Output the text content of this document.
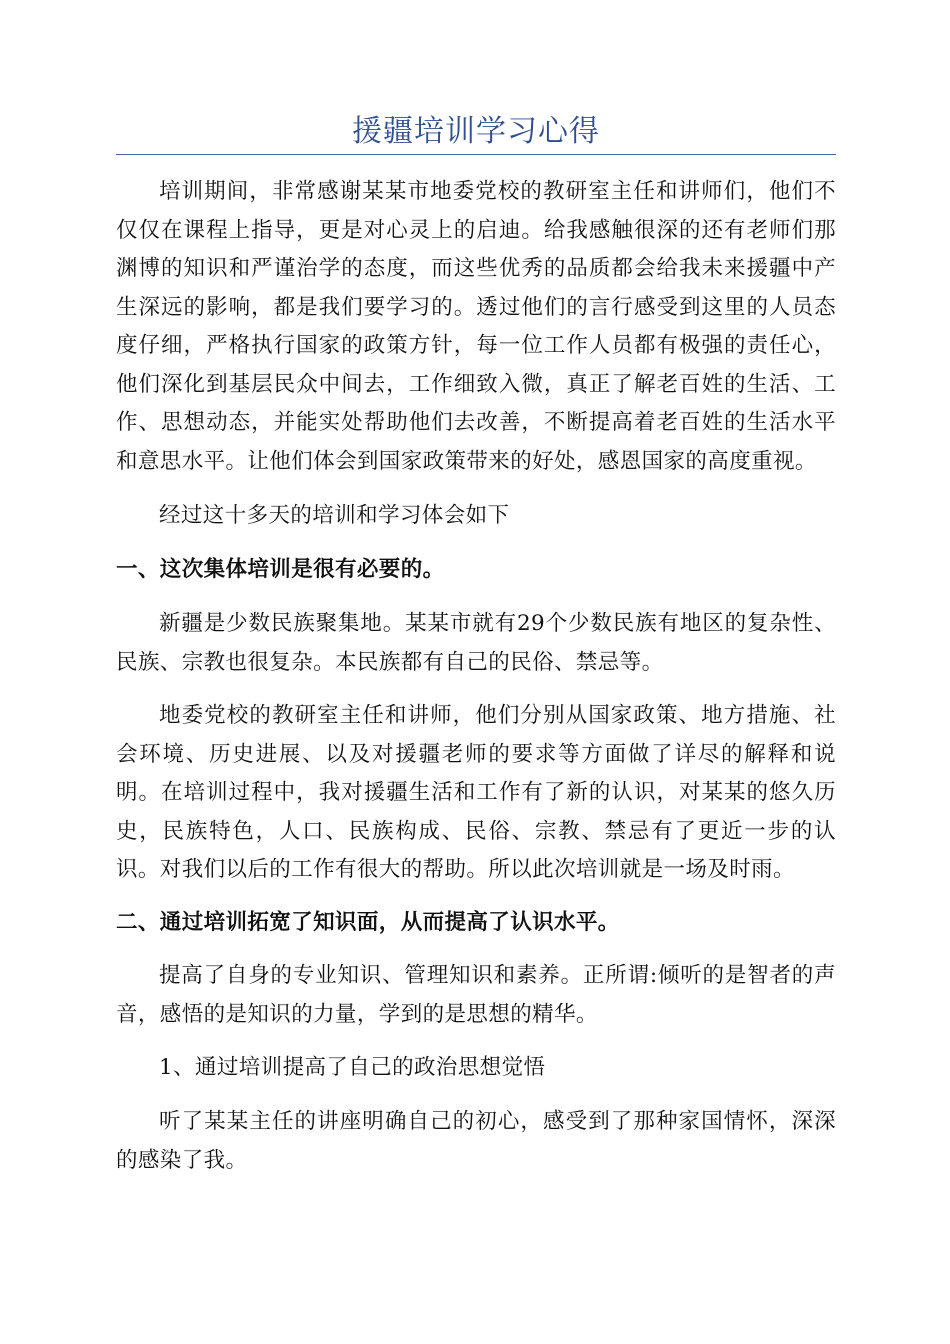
援疆培训学习心得

培训期间，非常感谢某某市地委党校的教研室主任和讲师们，他们不仅仅在课程上指导，更是对心灵上的启迪。给我感触很深的还有老师们那渊博的知识和严谨治学的态度，而这些优秀的品质都会给我未来援疆中产生深远的影响，都是我们要学习的。透过他们的言行感受到这里的人员态度仔细，严格执行国家的政策方针，每一位工作人员都有极强的责任心，他们深化到基层民众中间去，工作细致入微，真正了解老百姓的生活、工作、思想动态，并能实处帮助他们去改善，不断提高着老百姓的生活水平和意思水平。让他们体会到国家政策带来的好处，感恩国家的高度重视。

经过这十多天的培训和学习体会如下

一、这次集体培训是很有必要的。

新疆是少数民族聚集地。某某市就有29个少数民族有地区的复杂性、民族、宗教也很复杂。本民族都有自己的民俗、禁忌等。

地委党校的教研室主任和讲师，他们分别从国家政策、地方措施、社会环境、历史进展、以及对援疆老师的要求等方面做了详尽的解释和说明。在培训过程中，我对援疆生活和工作有了新的认识，对某某的悠久历史，民族特色，人口、民族构成、民俗、宗教、禁忌有了更近一步的认识。对我们以后的工作有很大的帮助。所以此次培训就是一场及时雨。

二、通过培训拓宽了知识面，从而提高了认识水平。

提高了自身的专业知识、管理知识和素养。正所谓:倾听的是智者的声音，感悟的是知识的力量，学到的是思想的精华。

1、通过培训提高了自己的政治思想觉悟

听了某某主任的讲座明确自己的初心，感受到了那种家国情怀，深深的感染了我。
